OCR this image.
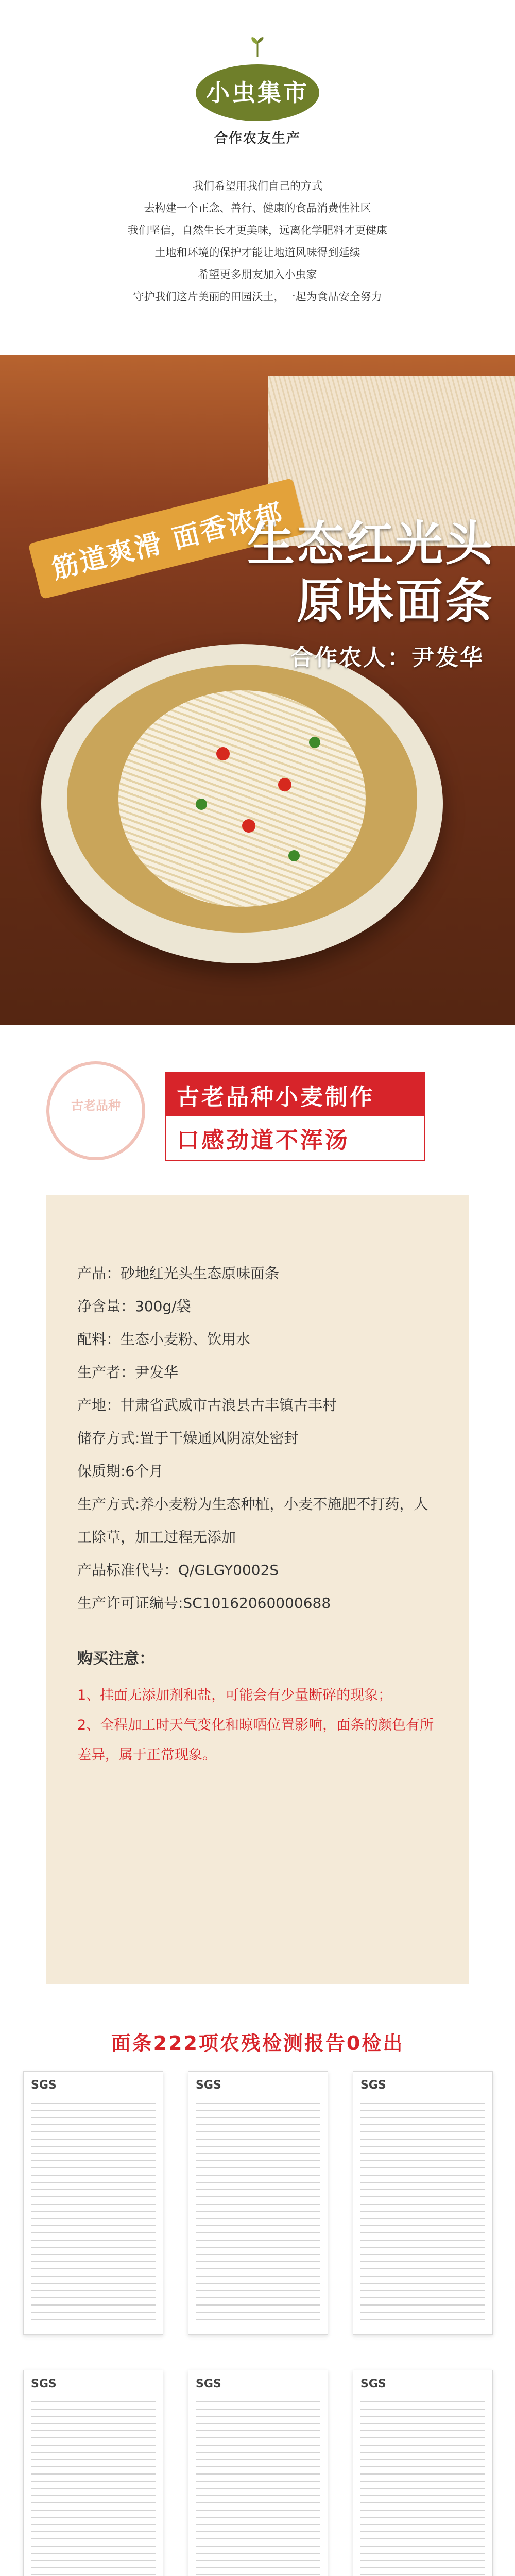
小虫集市
合作农友生产

我们希望用我们自己的方式

去构建一个正念、善行、健康的食品消费性社区

我们坚信，自然生长才更美味，远离化学肥料才更健康

土地和环境的保护才能让地道风味得到延续

希望更多朋友加入小虫家

守护我们这片美丽的田园沃土，一起为食品安全努力

筋道爽滑 面香浓郁
生态红光头
原味面条
合作农人：尹发华
古老品种	古老品种小麦制作
口感劲道不浑汤
产品：砂地红光头生态原味面条
净含量：300g/袋
配料：生态小麦粉、饮用水
生产者：尹发华
产地：甘肃省武威市古浪县古丰镇古丰村
储存方式:置于干燥通风阴凉处密封
保质期:6个月
生产方式:养小麦粉为生态种植，小麦不施肥不打药，人工除草，加工过程无添加
产品标准代号：Q/GLGY0002S
生产许可证编号:SC10162060000688
购买注意：
1、挂面无添加剂和盐，可能会有少量断碎的现象；
2、全程加工时天气变化和晾晒位置影响，面条的颜色有所差异，属于正常现象。
面条222项农残检测报告0检出
SGS	SGS	SGS
SGS	SGS	SGS
